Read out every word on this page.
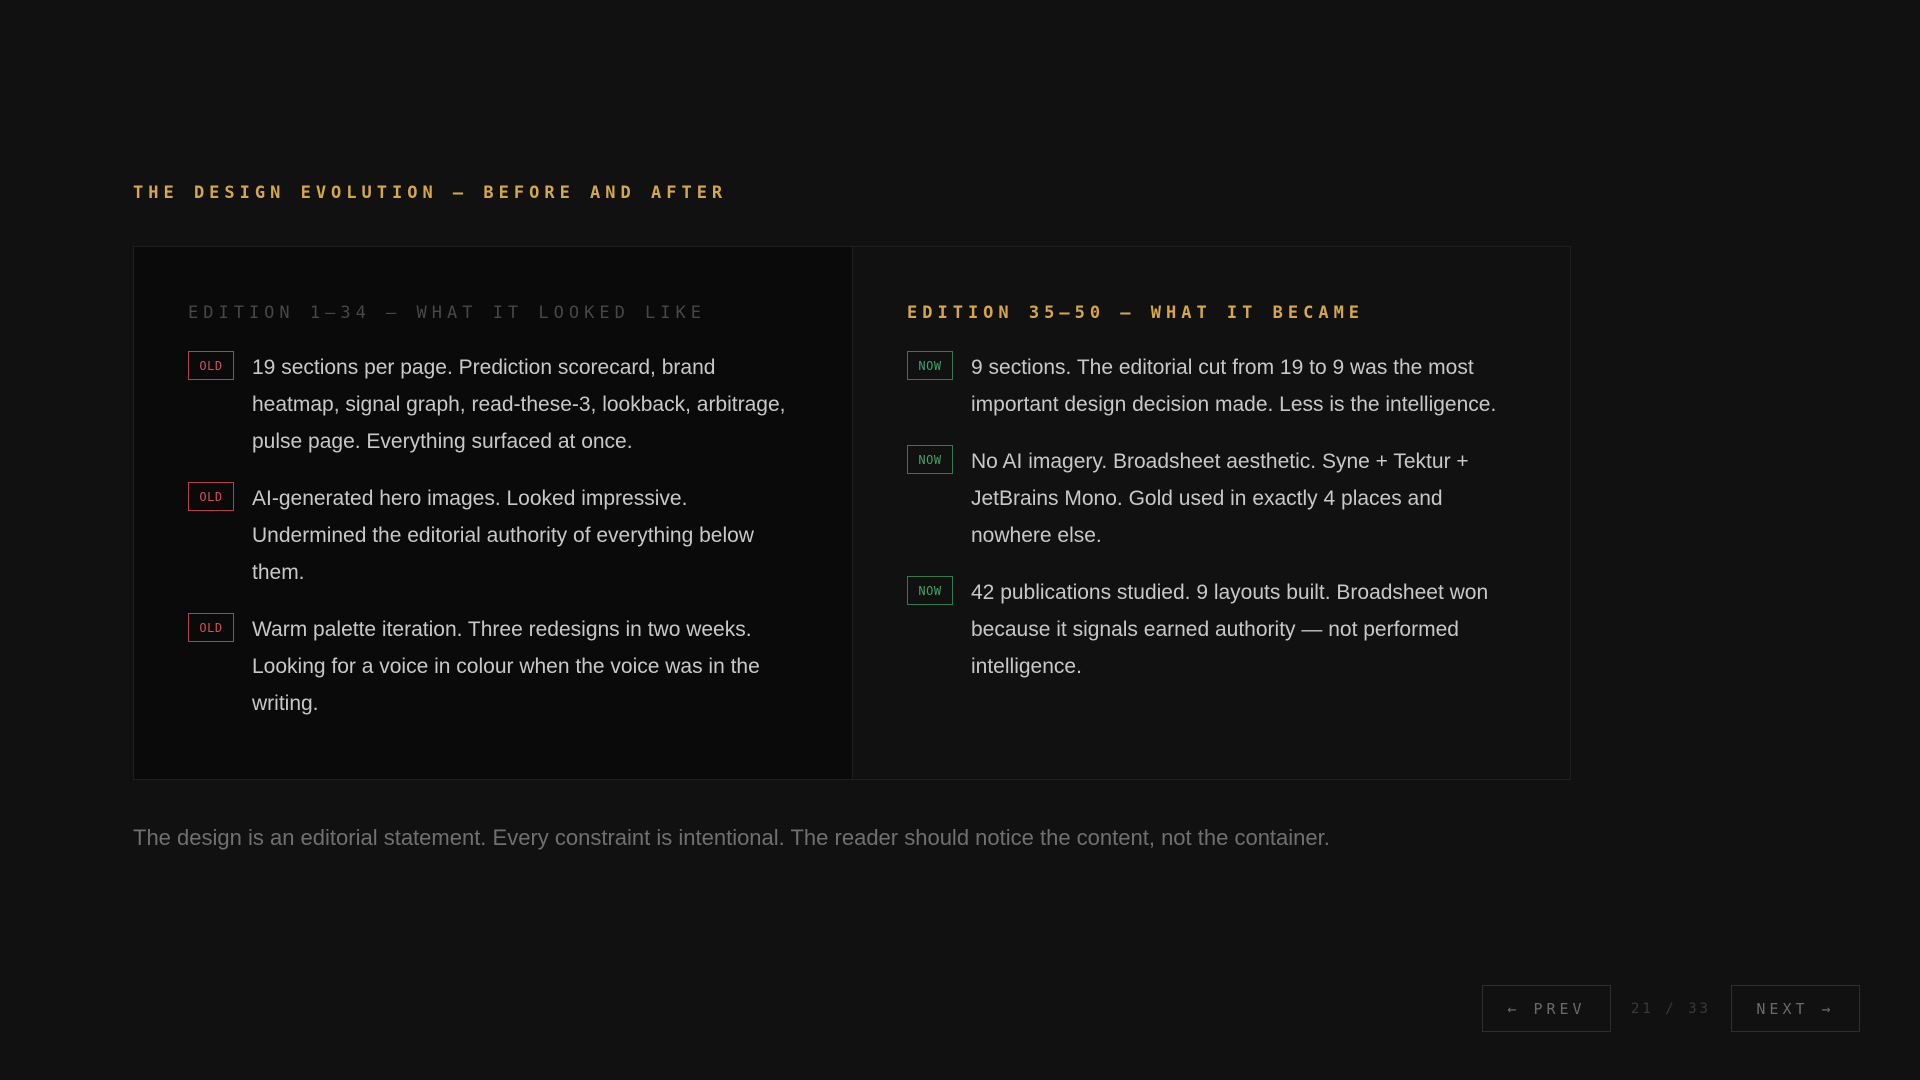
THE DESIGN EVOLUTION — BEFORE AND AFTER
EDITION 1–34 — WHAT IT LOOKED LIKE
OLD	19 sections per page. Prediction scorecard, brand heatmap, signal graph, read-these-3, lookback, arbitrage, pulse page. Everything surfaced at once.
OLD	AI-generated hero images. Looked impressive. Undermined the editorial authority of everything below them.
OLD	Warm palette iteration. Three redesigns in two weeks. Looking for a voice in colour when the voice was in the writing.
EDITION 35–50 — WHAT IT BECAME
NOW	9 sections. The editorial cut from 19 to 9 was the most important design decision made. Less is the intelligence.
NOW	No AI imagery. Broadsheet aesthetic. Syne + Tektur + JetBrains Mono. Gold used in exactly 4 places and nowhere else.
NOW	42 publications studied. 9 layouts built. Broadsheet won because it signals earned authority — not performed intelligence.
The design is an editorial statement. Every constraint is intentional. The reader should notice the content, not the container.
← PREV	21 / 33	NEXT →
